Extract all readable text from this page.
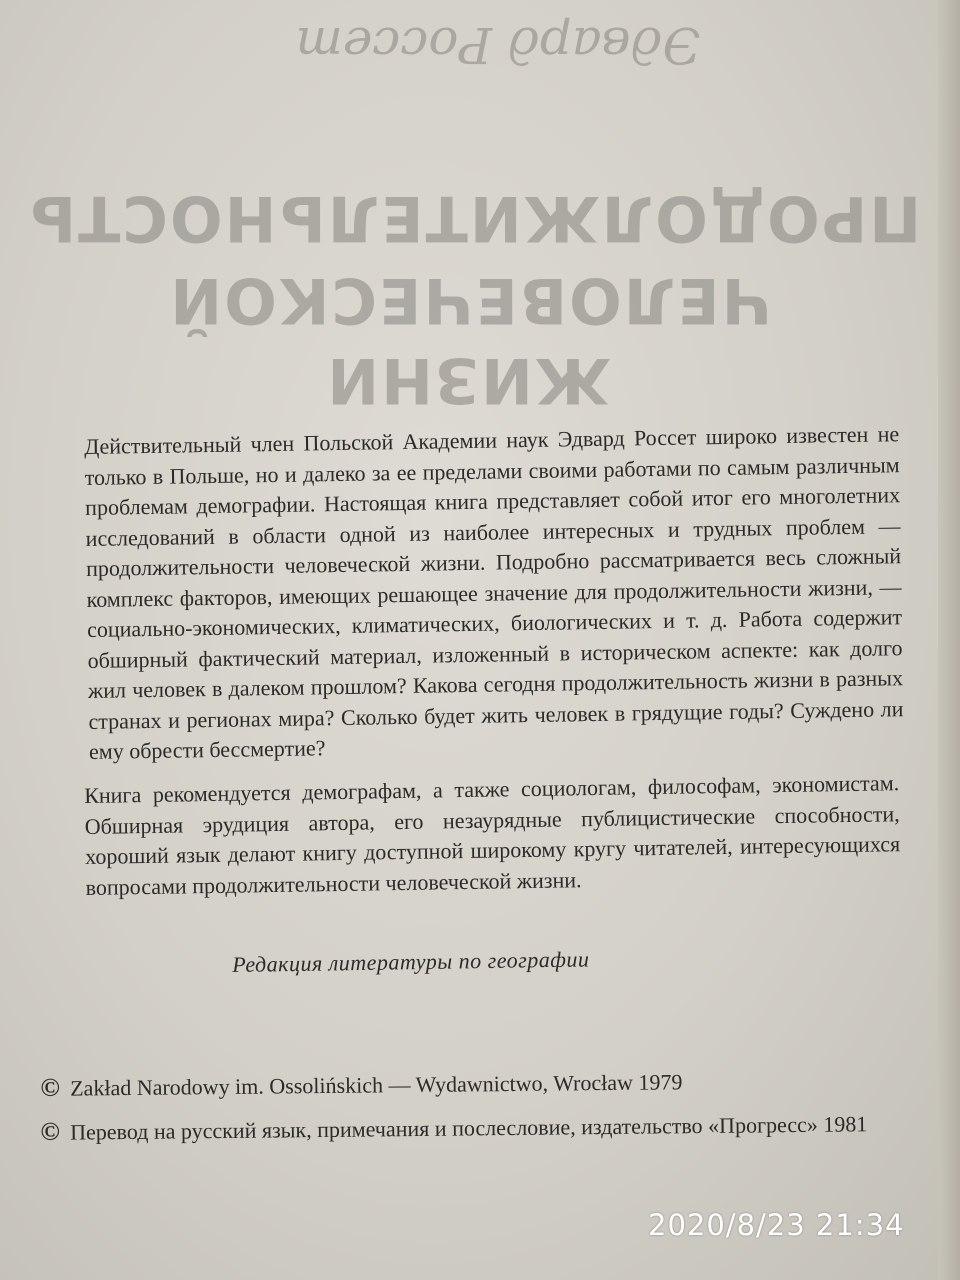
Эдвард Россет
ПРОДОЛЖИТЕЛЬНОСТЬ
ЧЕЛОВЕЧЕСКОЙ
ЖИЗНИ

Действительный член Польской Академии наук Эдвард Россет широко известен не только в Польше, но и далеко за ее пределами своими работами по самым различным проблемам демографии. Настоящая книга представляет собой итог его многолетних исследований в области одной из наиболее интересных и трудных проблем — продолжительности человеческой жизни. Подробно рассматривается весь сложный комплекс факторов, имеющих решающее значение для продолжительности жизни, — социально-экономических, климатических, биологических и т. д. Работа содержит обширный фактический материал, изложенный в историческом аспекте: как долго жил человек в далеком прошлом? Какова сегодня продолжительность жизни в разных странах и регионах мира? Сколько будет жить человек в грядущие годы? Суждено ли ему обрести бессмертие?

Книга рекомендуется демографам, а также социологам, философам, экономистам. Обширная эрудиция автора, его незаурядные публицистические способности, хороший язык делают книгу доступной широкому кругу читателей, интересующихся вопросами продолжительности человеческой жизни.

Редакция литературы по географии

© Zakład Narodowy im. Ossolińskich — Wydawnictwo, Wrocław 1979

© Перевод на русский язык, примечания и послесловие, издательство «Прогресс» 1981

2020/8/23 21:34
